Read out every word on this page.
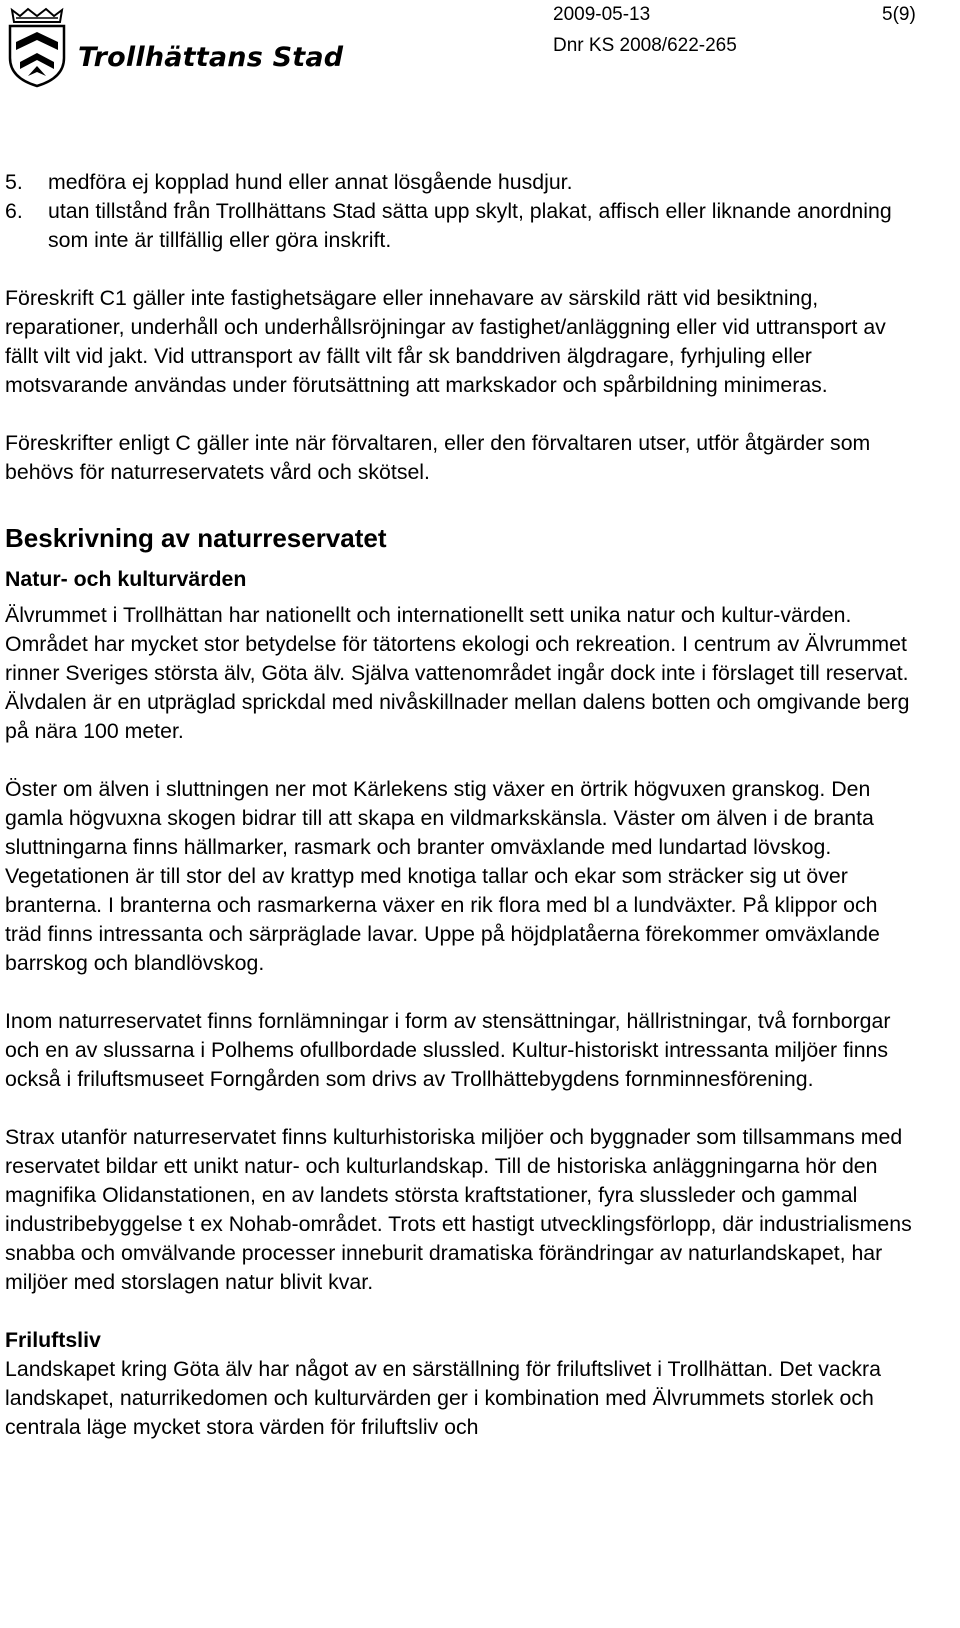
Trollhättans Stad
2009-05-13	5(9)
Dnr KS 2008/622-265
5. medföra ej kopplad hund eller annat lösgående husdjur.
6. utan tillstånd från Trollhättans Stad sätta upp skylt, plakat, affisch eller liknande anordning som inte är tillfällig eller göra inskrift.

Föreskrift C1 gäller inte fastighetsägare eller innehavare av särskild rätt vid besiktning, reparationer, underhåll och underhållsröjningar av fastighet/anläggning eller vid uttransport av fällt vilt vid jakt. Vid uttransport av fällt vilt får sk banddriven älgdragare, fyrhjuling eller motsvarande användas under förutsättning att markskador och spårbildning minimeras.

Föreskrifter enligt C gäller inte när förvaltaren, eller den förvaltaren utser, utför åtgärder som behövs för naturreservatets vård och skötsel.

Beskrivning av naturreservatet
Natur- och kulturvärden

Älvrummet i Trollhättan har nationellt och internationellt sett unika natur och kultur-värden. Området har mycket stor betydelse för tätortens ekologi och rekreation. I centrum av Älvrummet rinner Sveriges största älv, Göta älv. Själva vattenområdet ingår dock inte i förslaget till reservat. Älvdalen är en utpräglad sprickdal med nivåskillnader mellan dalens botten och omgivande berg på nära 100 meter.

Öster om älven i sluttningen ner mot Kärlekens stig växer en örtrik högvuxen granskog. Den gamla högvuxna skogen bidrar till att skapa en vildmarkskänsla. Väster om älven i de branta sluttningarna finns hällmarker, rasmark och branter omväxlande med lundartad lövskog. Vegetationen är till stor del av krattyp med knotiga tallar och ekar som sträcker sig ut över branterna. I branterna och rasmarkerna växer en rik flora med bl a lundväxter. På klippor och träd finns intressanta och särpräglade lavar. Uppe på höjdplatåerna förekommer omväxlande barrskog och blandlövskog.

Inom naturreservatet finns fornlämningar i form av stensättningar, hällristningar, två fornborgar och en av slussarna i Polhems ofullbordade slussled. Kultur-historiskt intressanta miljöer finns också i friluftsmuseet Forngården som drivs av Trollhättebygdens fornminnesförening.

Strax utanför naturreservatet finns kulturhistoriska miljöer och byggnader som tillsammans med reservatet bildar ett unikt natur- och kulturlandskap. Till de historiska anläggningarna hör den magnifika Olidanstationen, en av landets största kraftstationer, fyra slussleder och gammal industribebyggelse t ex Nohab-området. Trots ett hastigt utvecklingsförlopp, där industrialismens snabba och omvälvande processer inneburit dramatiska förändringar av naturlandskapet, har miljöer med storslagen natur blivit kvar.

Friluftsliv

Landskapet kring Göta älv har något av en särställning för friluftslivet i Trollhättan. Det vackra landskapet, naturrikedomen och kulturvärden ger i kombination med Älvrummets storlek och centrala läge mycket stora värden för friluftsliv och
